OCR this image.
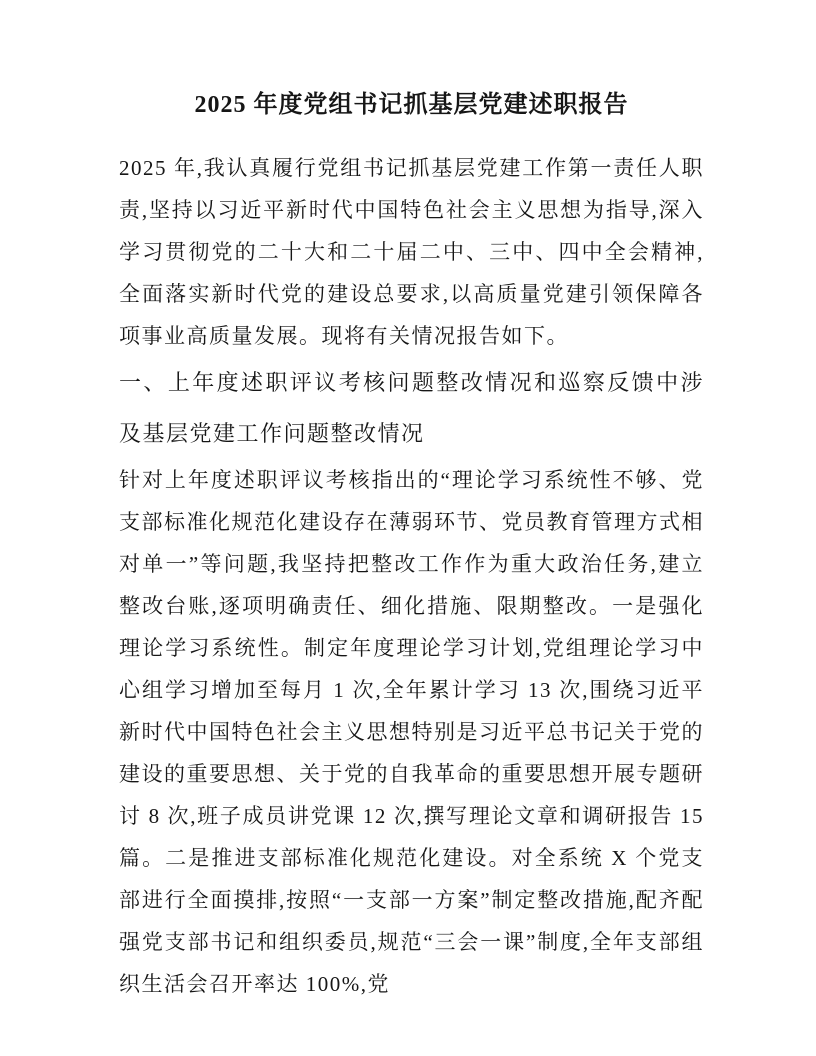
2025 年度党组书记抓基层党建述职报告

2025 年,我认真履行党组书记抓基层党建工作第一责任人职责,坚持以习近平新时代中国特色社会主义思想为指导,深入学习贯彻党的二十大和二十届二中、三中、四中全会精神,全面落实新时代党的建设总要求,以高质量党建引领保障各项事业高质量发展。现将有关情况报告如下。

一、上年度述职评议考核问题整改情况和巡察反馈中涉及基层党建工作问题整改情况

针对上年度述职评议考核指出的“理论学习系统性不够、党支部标准化规范化建设存在薄弱环节、党员教育管理方式相对单一”等问题,我坚持把整改工作作为重大政治任务,建立整改台账,逐项明确责任、细化措施、限期整改。一是强化理论学习系统性。制定年度理论学习计划,党组理论学习中心组学习增加至每月 1 次,全年累计学习 13 次,围绕习近平新时代中国特色社会主义思想特别是习近平总书记关于党的建设的重要思想、关于党的自我革命的重要思想开展专题研讨 8 次,班子成员讲党课 12 次,撰写理论文章和调研报告 15 篇。二是推进支部标准化规范化建设。对全系统 X 个党支部进行全面摸排,按照“一支部一方案”制定整改措施,配齐配强党支部书记和组织委员,规范“三会一课”制度,全年支部组织生活会召开率达 100%,党
